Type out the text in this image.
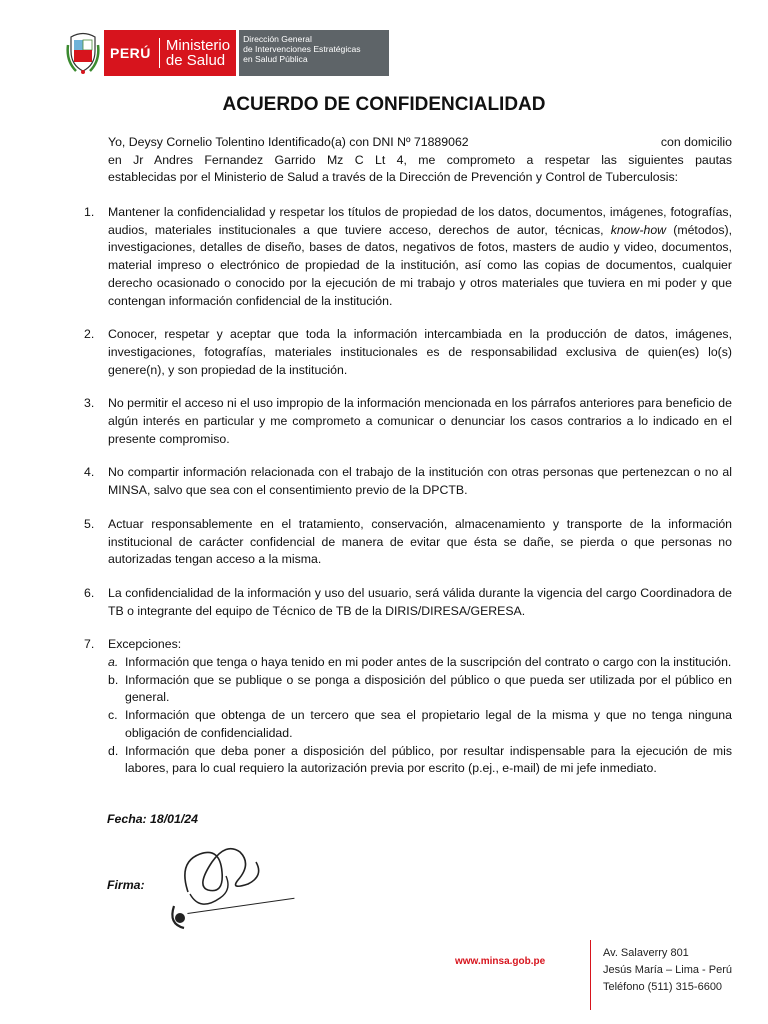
PERÚ	Ministerio
de Salud
Dirección General
de Intervenciones Estratégicas
en Salud Pública
ACUERDO DE CONFIDENCIALIDAD
Yo, Deysy Cornelio Tolentino Identificado(a) con DNI Nº 71889062	con domicilio
en Jr Andres Fernandez Garrido Mz C Lt 4, me comprometo a respetar las siguientes pautas
establecidas por el Ministerio de Salud a través de la Dirección de Prevención y Control de Tuberculosis:
1. Mantener la confidencialidad y respetar los títulos de propiedad de los datos, documentos, imágenes, fotografías, audios, materiales institucionales a que tuviere acceso, derechos de autor, técnicas, know-how (métodos), investigaciones, detalles de diseño, bases de datos, negativos de fotos, masters de audio y video, documentos, material impreso o electrónico de propiedad de la institución, así como las copias de documentos, cualquier derecho ocasionado o conocido por la ejecución de mi trabajo y otros materiales que tuviera en mi poder y que contengan información confidencial de la institución.
2. Conocer, respetar y aceptar que toda la información intercambiada en la producción de datos, imágenes, investigaciones, fotografías, materiales institucionales es de responsabilidad exclusiva de quien(es) lo(s) genere(n), y son propiedad de la institución.
3. No permitir el acceso ni el uso impropio de la información mencionada en los párrafos anteriores para beneficio de algún interés en particular y me comprometo a comunicar o denunciar los casos contrarios a lo indicado en el presente compromiso.
4. No compartir información relacionada con el trabajo de la institución con otras personas que pertenezcan o no al MINSA, salvo que sea con el consentimiento previo de la DPCTB.
5. Actuar responsablemente en el tratamiento, conservación, almacenamiento y transporte de la información institucional de carácter confidencial de manera de evitar que ésta se dañe, se pierda o que personas no autorizadas tengan acceso a la misma.
6. La confidencialidad de la información y uso del usuario, será válida durante la vigencia del cargo Coordinadora de TB o integrante del equipo de Técnico de TB de la DIRIS/DIRESA/GERESA.
7. Excepciones:
a. Información que tenga o haya tenido en mi poder antes de la suscripción del contrato o cargo con la institución.
b. Información que se publique o se ponga a disposición del público o que pueda ser utilizada por el público en general.
c. Información que obtenga de un tercero que sea el propietario legal de la misma y que no tenga ninguna obligación de confidencialidad.
d. Información que deba poner a disposición del público, por resultar indispensable para la ejecución de mis labores, para lo cual requiero la autorización previa por escrito (p.ej., e-mail) de mi jefe inmediato.
Fecha: 18/01/24
Firma:
www.minsa.gob.pe
Av. Salaverry 801
Jesús María – Lima - Perú
Teléfono (511) 315-6600
